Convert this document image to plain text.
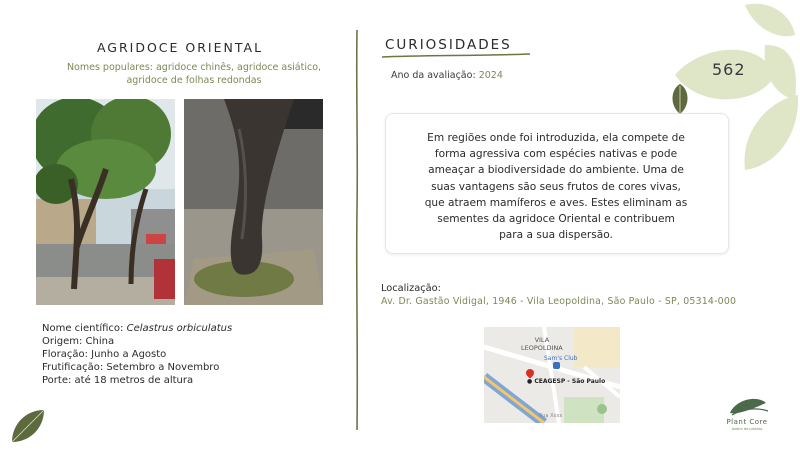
AGRIDOCE ORIENTAL
Nomes populares: agridoce chinês, agridoce asiático,
agridoce de folhas redondas
Nome científico: Celastrus orbiculatus
Origem: China
Floração: Junho a Agosto
Frutificação: Setembro a Novembro
Porte: até 18 metros de altura
CURIOSIDADES
Ano da avaliação: 2024
Em regiões onde foi introduzida, ela compete de
forma agressiva com espécies nativas e pode
ameaçar a biodiversidade do ambiente. Uma de
suas vantagens são seus frutos de cores vivas,
que atraem mamíferos e aves. Estes eliminam as
sementes da agridoce Oriental e contribuem
para a sua dispersão.
Localização:
Av. Dr. Gastão Vidigal, 1946 - Vila Leopoldina, São Paulo - SP, 05314-000
VILA
LEOPOLDINA
Sam's Club
● CEAGESP - São Paulo
Rua Xxxx
562
Plant Core
jardim de plantas
